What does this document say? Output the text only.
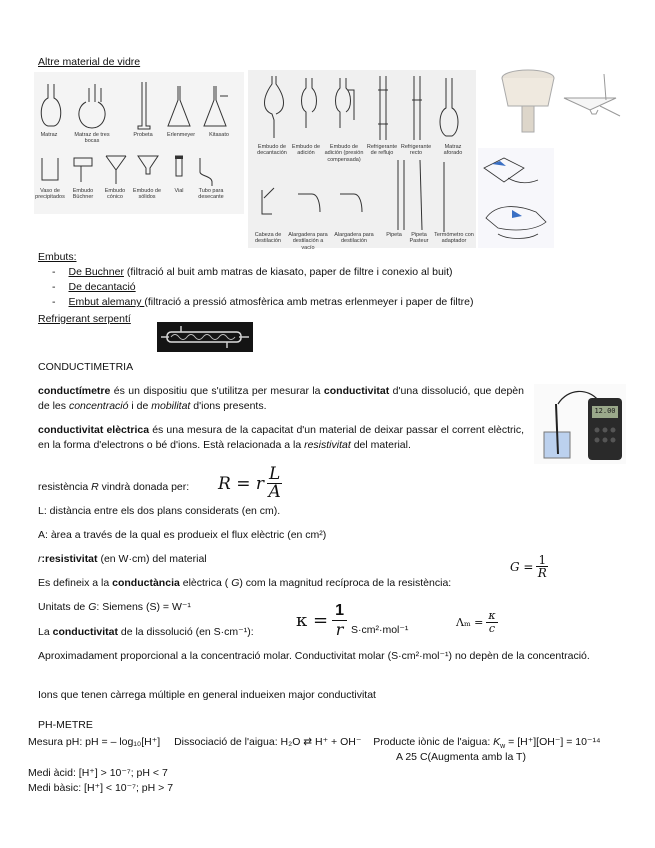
Altre material de vidre
Matraz	Matraz de tres bocas
Probeta	Erlenmeyer	Kitasato
Vaso de precipitados
Embudo Büchner
Embudo cónico
Embudo de sólidos
Vial	Tubo para desecante
Embudo de decantación
Embudo de adición
Embudo de adición (presión compensada)
Refrigerante de reflujo
Refrigerante recto
Matraz aforado
Cabeza de destilación
Alargadera para destilación a vacío
Alargadera para destilación
Pipeta	Pipeta Pasteur
Termómetro con adaptador
Embuts:
- De Buchner (filtració al buit amb matras de kiasato, paper de filtre i conexio al buit)
- De decantació
- Embut alemany (filtració a pressió atmosfèrica amb metras erlenmeyer i paper de filtre)
Refrigerant serpentí
CONDUCTIMETRIA
conductímetre és un dispositiu que s'utilitza per mesurar la conductivitat d'una dissolució, que depèn de les concentració i de mobilitat d'ions presents.	12.00
conductivitat elèctrica és una mesura de la capacitat d'un material de deixar passar el corrent elèctric, en la forma d'electrons o bé d'ions. Està relacionada a la resistivitat del material.
resistència R vindrà donada per: R = r L
A
L: distància entre els dos plans considerats (en cm).
A: àrea a través de la qual es produeix el flux elèctric (en cm²)
r:resistivitat (en W·cm) del material
$G = \frac{1}{R}$
Es defineix a la conductància elèctrica ( G) com la magnitud recíproca de la resistència:
Unitats de G: Siemens (S) = W⁻¹
La conductivitat de la dissolució (en S·cm⁻¹):
$\kappa = \frac{1}{r} S\cdot cm^2\cdot mol^{-1}$
$\Lambda_m = \frac{\kappa}{c}$
Aproximadament proporcional a la concentració molar. Conductivitat molar (S·cm²·mol⁻¹) no depèn de la concentració.
Ions que tenen càrrega múltiple en general indueixen major conductivitat
PH-METRE
Mesura pH: pH = – log₁₀[H⁺] Dissociació de l'aigua: H₂O ⇄ H⁺ + OH⁻ Producte iònic de l'aigua: $K_w = [H^+][OH^-] = 10^{-14}$
A 25 C(Augmenta amb la T)
Medi àcid: [H⁺] > 10⁻⁷; pH < 7
Medi bàsic: [H⁺] < 10⁻⁷; pH > 7
